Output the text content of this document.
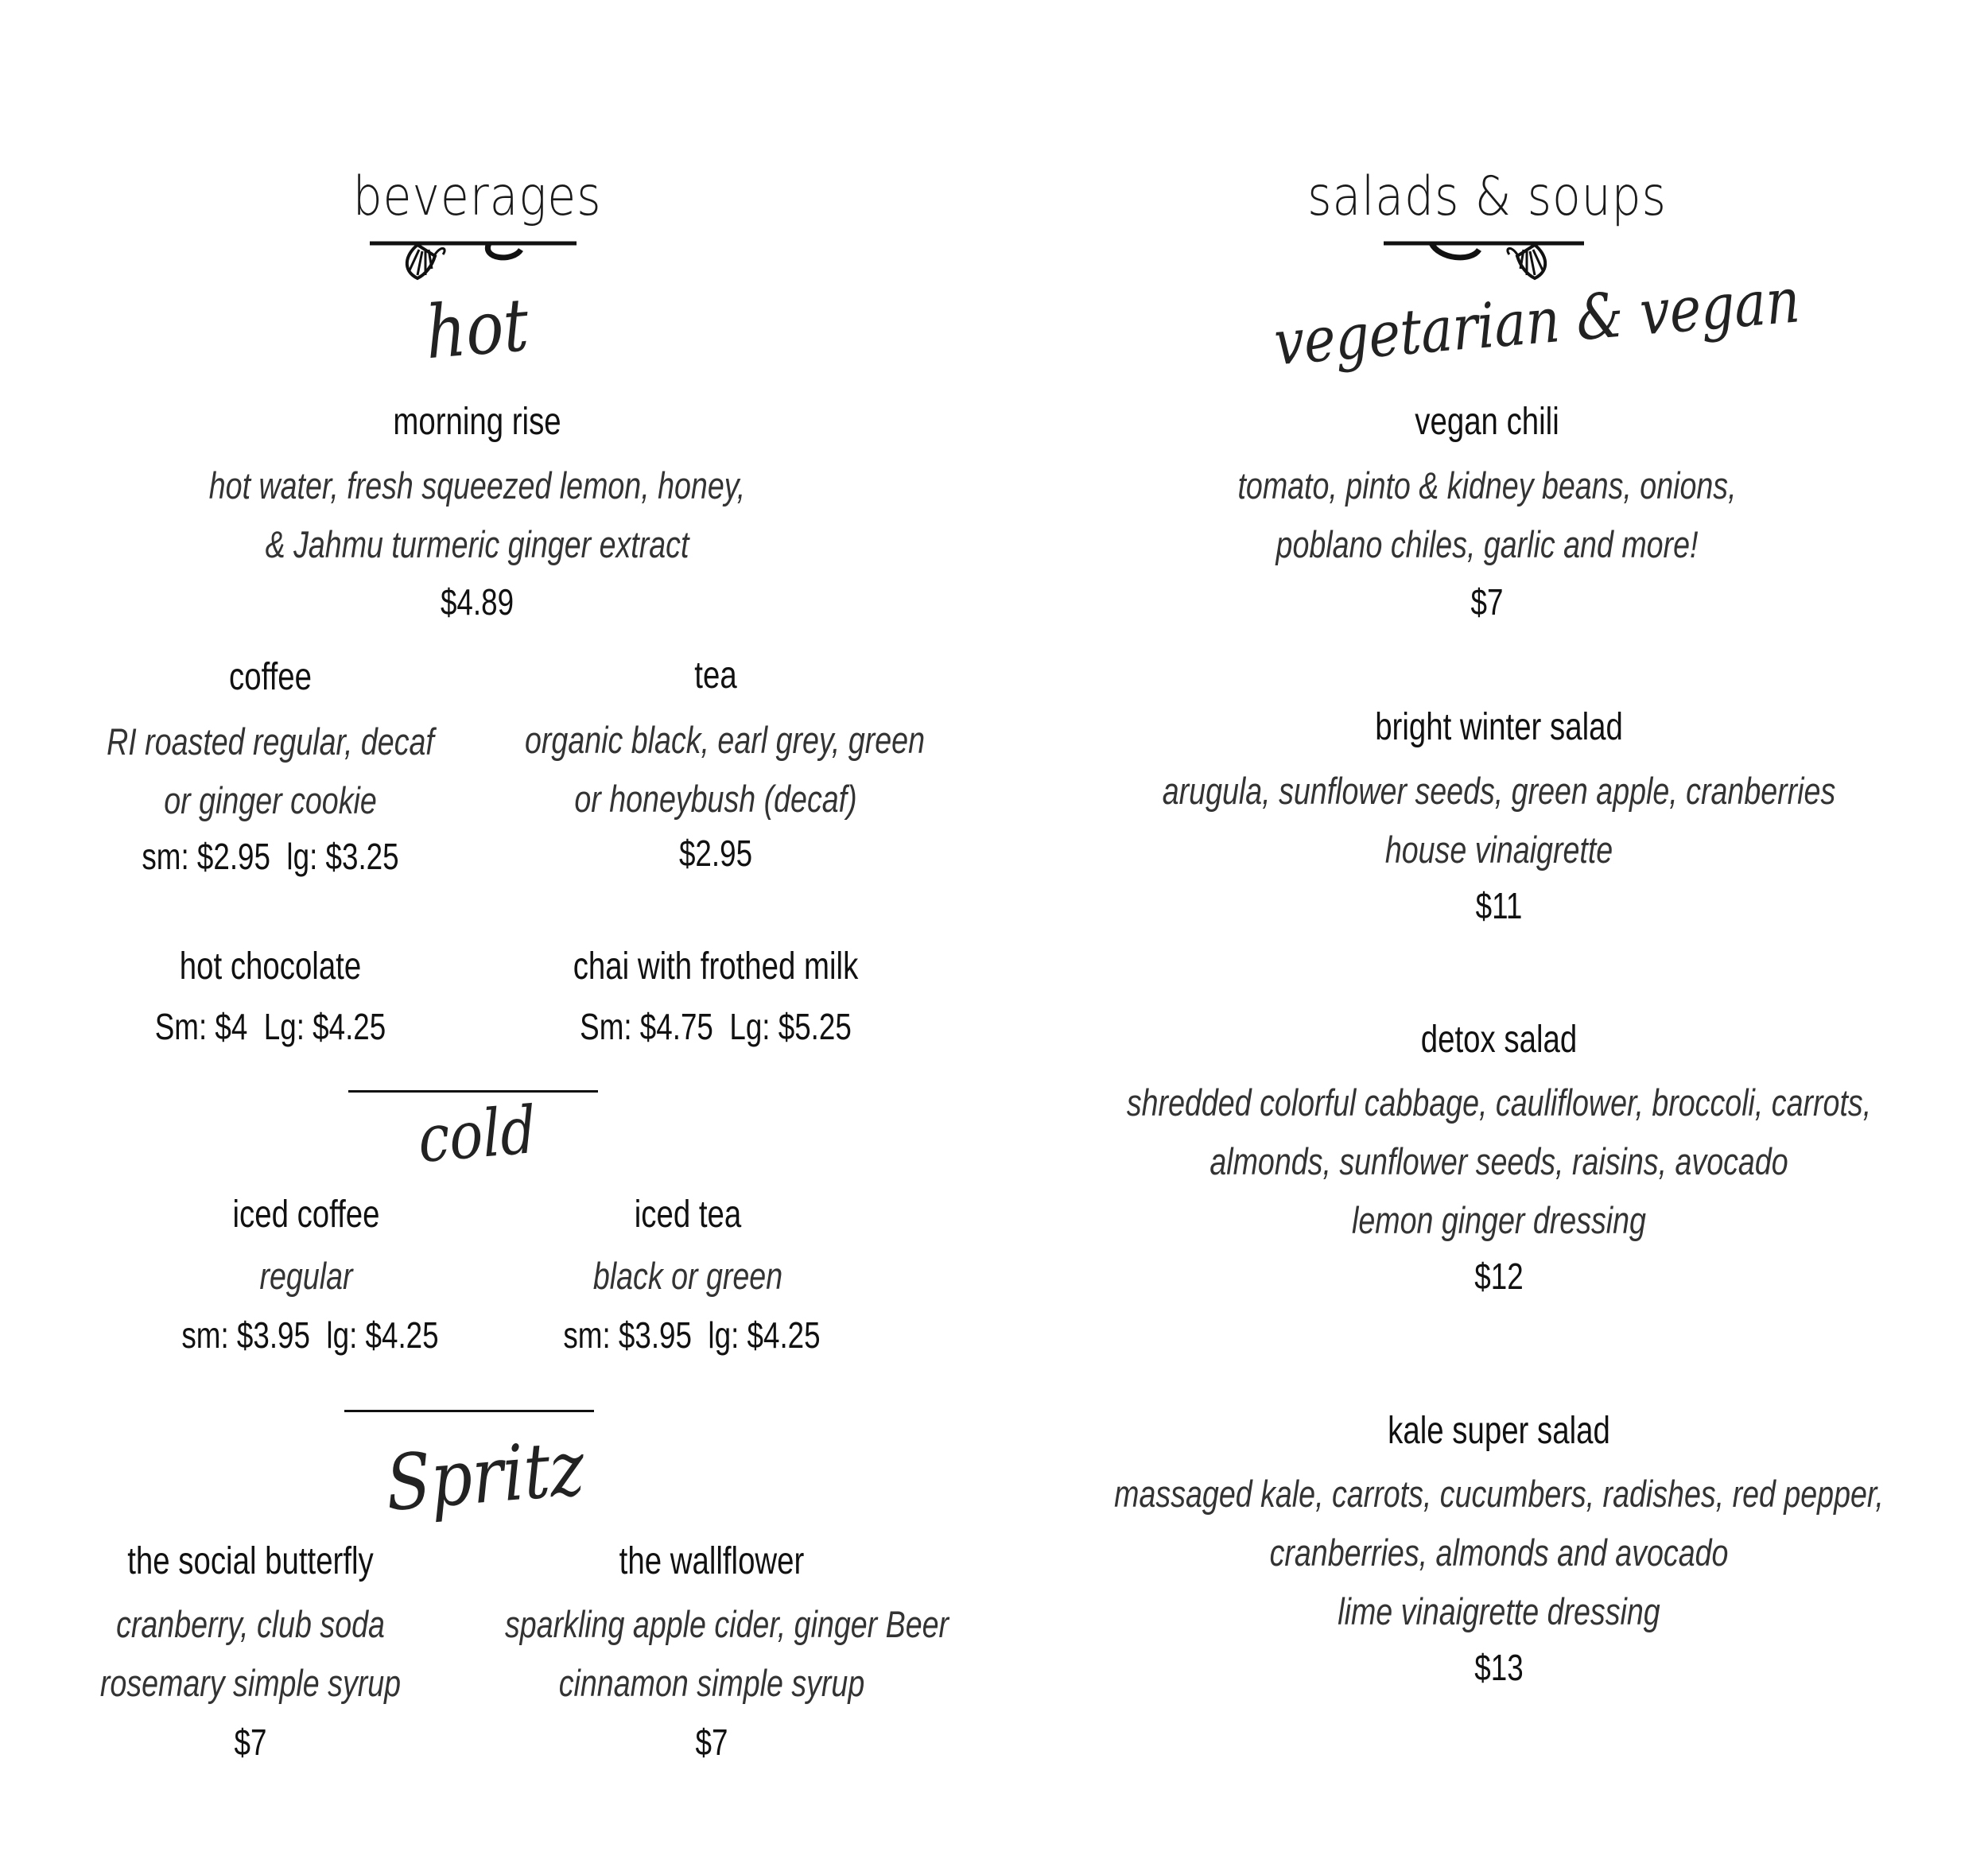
beverages
hot
morning rise
hot water, fresh squeezed lemon, honey,
& Jahmu turmeric ginger extract
$4.89
coffee
RI roasted regular, decaf
or ginger cookie
sm: $2.95  lg: $3.25
tea
organic black, earl grey, green
or honeybush (decaf)
$2.95
hot chocolate
Sm: $4  Lg: $4.25
chai with frothed milk
Sm: $4.75  Lg: $5.25
cold
iced coffee
regular
sm: $3.95  lg: $4.25
iced tea
black or green
sm: $3.95  lg: $4.25
Spritz
the social butterfly
cranberry, club soda
rosemary simple syrup
$7
the wallflower
sparkling apple cider, ginger Beer
cinnamon simple syrup
$7
salads & soups
vegetarian & vegan
vegan chili
tomato, pinto & kidney beans, onions,
poblano chiles, garlic and more!
$7
bright winter salad
arugula, sunflower seeds, green apple, cranberries
house vinaigrette
$11
detox salad
shredded colorful cabbage, cauliflower, broccoli, carrots,
almonds, sunflower seeds, raisins, avocado
lemon ginger dressing
$12
kale super salad
massaged kale, carrots, cucumbers, radishes, red pepper,
cranberries, almonds and avocado
lime vinaigrette dressing
$13
